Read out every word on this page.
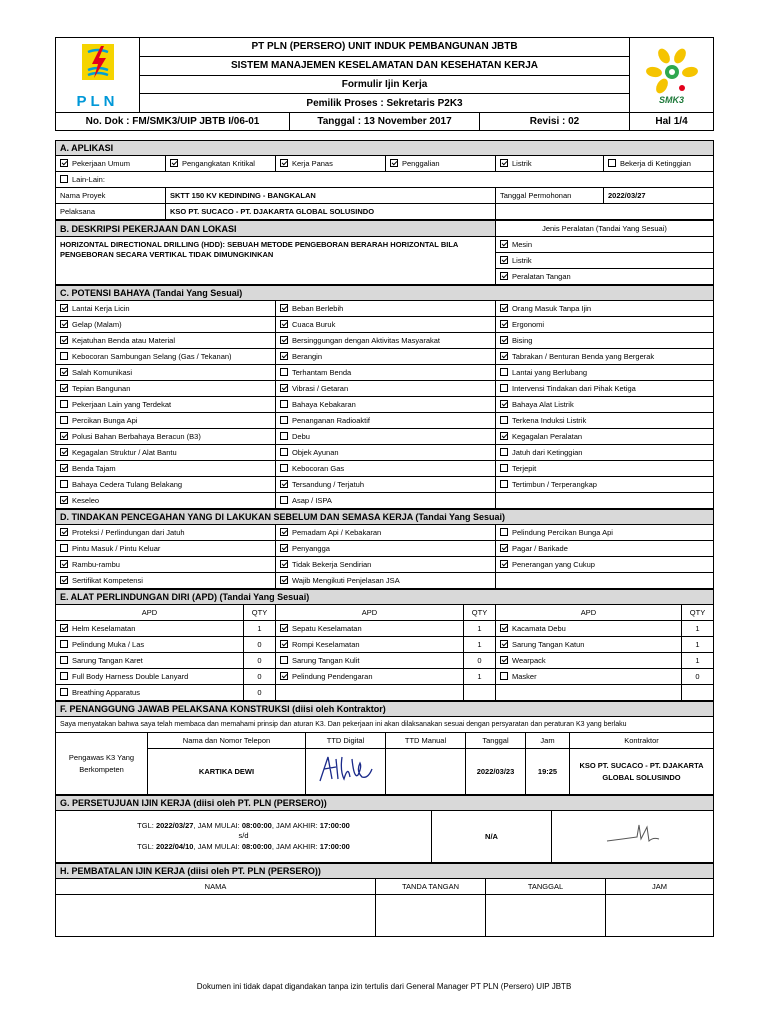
PLN	PT PLN (PERSERO) UNIT INDUK PEMBANGUNAN JBTB			SMK3

	SISTEM MANAJEMEN KESELAMATAN DAN KESEHATAN KERJA			
	Formulir Ijin Kerja			
	Pemilik Proses : Sekretaris P2K3			
No. Dok : FM/SMK3/UIP JBTB I/06-01		Tanggal : 13 November 2017	Revisi : 02	Hal 1/4
A. APLIKASI					
Pekerjaan Umum	Pengangkatan Kritikal	Kerja Panas	Penggalian	Listrik	Bekerja di Ketinggian
Lain-Lain:					
Nama Proyek	SKTT 150 KV KEDINDING - BANGKALAN			Tanggal Permohonan	2022/03/27
Pelaksana	KSO PT. SUCACO - PT. DJAKARTA GLOBAL SOLUSINDO				
B. DESKRIPSI PEKERJAAN DAN LOKASI	Jenis Peralatan (Tandai Yang Sesuai)
HORIZONTAL DIRECTIONAL DRILLING (HDD): SEBUAH METODE PENGEBORAN BERARAH HORIZONTAL BILA PENGEBORAN SECARA VERTIKAL TIDAK DIMUNGKINKAN	Mesin
	Listrik
	Peralatan Tangan
C. POTENSI BAHAYA (Tandai Yang Sesuai)		
Lantai Kerja Licin	Beban Berlebih	Orang Masuk Tanpa Ijin
Gelap (Malam)	Cuaca Buruk	Ergonomi
Kejatuhan Benda atau Material	Bersinggungan dengan Aktivitas Masyarakat	Bising
Kebocoran Sambungan Selang (Gas / Tekanan)	Berangin	Tabrakan / Benturan Benda yang Bergerak
Salah Komunikasi	Terhantam Benda	Lantai yang Berlubang
Tepian Bangunan	Vibrasi / Getaran	Intervensi Tindakan dari Pihak Ketiga
Pekerjaan Lain yang Terdekat	Bahaya Kebakaran	Bahaya Alat Listrik
Percikan Bunga Api	Penanganan Radioaktif	Terkena Induksi Listrik
Polusi Bahan Berbahaya Beracun (B3)	Debu	Kegagalan Peralatan
Kegagalan Struktur / Alat Bantu	Objek Ayunan	Jatuh dari Ketinggian
Benda Tajam	Kebocoran Gas	Terjepit
Bahaya Cedera Tulang Belakang	Tersandung / Terjatuh	Tertimbun / Terperangkap
Keseleo	Asap / ISPA	
D. TINDAKAN PENCEGAHAN YANG DI LAKUKAN SEBELUM DAN SEMASA KERJA (Tandai Yang Sesuai)		
Proteksi / Perlindungan dari Jatuh	Pemadam Api / Kebakaran	Pelindung Percikan Bunga Api
Pintu Masuk / Pintu Keluar	Penyangga	Pagar / Barikade
Rambu-rambu	Tidak Bekerja Sendirian	Penerangan yang Cukup
Sertifikat Kompetensi	Wajib Mengikuti Penjelasan JSA	
E. ALAT PERLINDUNGAN DIRI (APD) (Tandai Yang Sesuai)					
APD	QTY	APD	QTY	APD	QTY
Helm Keselamatan	1	Sepatu Keselamatan	1	Kacamata Debu	1
Pelindung Muka / Las	0	Rompi Keselamatan	1	Sarung Tangan Katun	1
Sarung Tangan Karet	0	Sarung Tangan Kulit	0	Wearpack	1
Full Body Harness Double Lanyard	0	Pelindung Pendengaran	1	Masker	0
Breathing Apparatus	0				
F. PENANGGUNG JAWAB PELAKSANA KONSTRUKSI (diisi oleh Kontraktor)						
Saya menyatakan bahwa saya telah membaca dan memahami prinsip dan aturan K3. Dan pekerjaan ini akan dilaksanakan sesuai dengan persyaratan dan peraturan K3 yang berlaku						
Pengawas K3 Yang Berkompeten	Nama dan Nomor Telepon	TTD Digital	TTD Manual	Tanggal	Jam	Kontraktor
	KARTIKA DEWI			2022/03/23	19:25	KSO PT. SUCACO - PT. DJAKARTA GLOBAL SOLUSINDO
G. PERSETUJUAN IJIN KERJA (diisi oleh PT. PLN (PERSERO))

TGL: 2022/03/27, JAM MULAI: 08:00:00, JAM AKHIR: 17:00:00
s/d
TGL: 2022/04/10, JAM MULAI: 08:00:00, JAM AKHIR: 17:00:00
	N/A	
H. PEMBATALAN IJIN KERJA (diisi oleh PT. PLN (PERSERO))			
NAMA	TANDA TANGAN	TANGGAL	JAM

Dokumen ini tidak dapat digandakan tanpa izin tertulis dari General Manager PT PLN (Persero) UIP JBTB
